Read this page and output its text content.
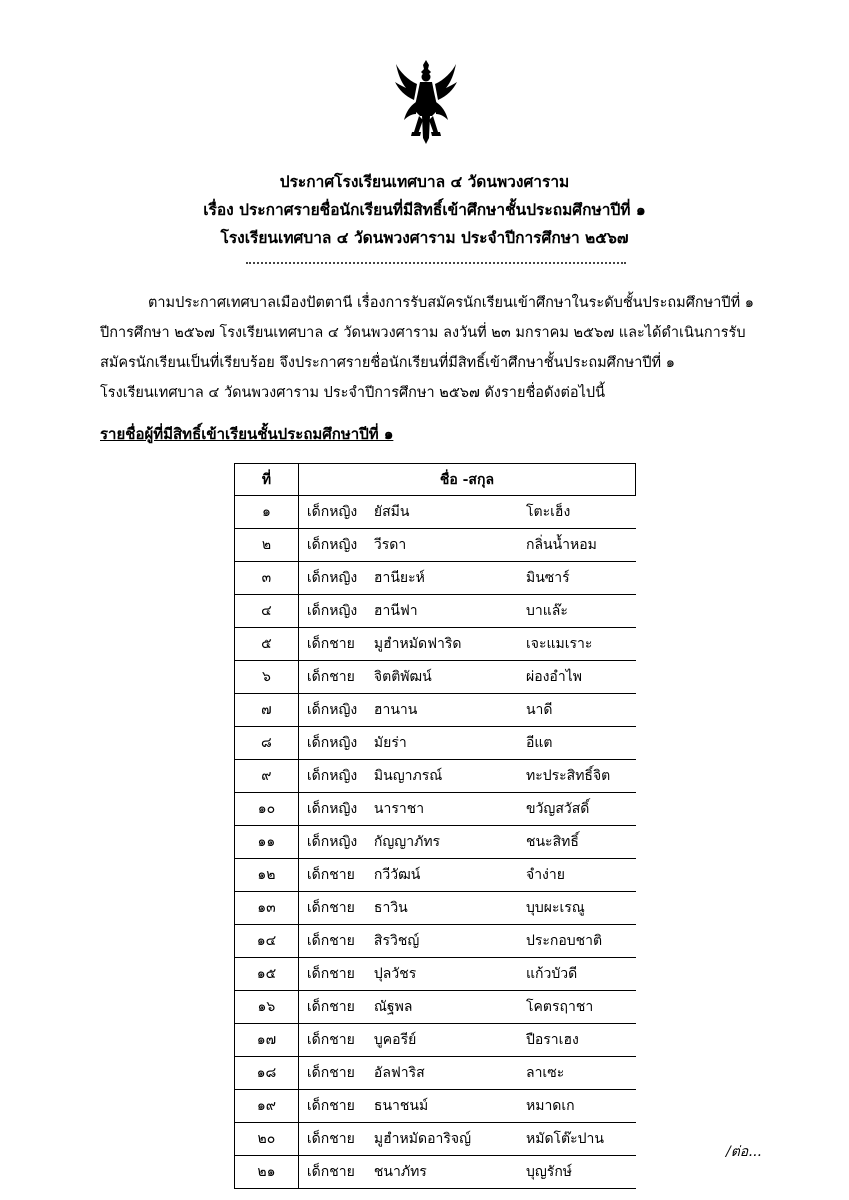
ประกาศโรงเรียนเทศบาล ๔ วัดนพวงศาราม
เรื่อง ประกาศรายชื่อนักเรียนที่มีสิทธิ์เข้าศึกษาชั้นประถมศึกษาปีที่ ๑
โรงเรียนเทศบาล ๔ วัดนพวงศาราม ประจำปีการศึกษา ๒๕๖๗
ตามประกาศเทศบาลเมืองปัตตานี เรื่องการรับสมัครนักเรียนเข้าศึกษาในระดับชั้นประถมศึกษาปีที่ ๑
ปีการศึกษา ๒๕๖๗ โรงเรียนเทศบาล ๔ วัดนพวงศาราม ลงวันที่ ๒๓ มกราคม ๒๕๖๗ และได้ดำเนินการรับ
สมัครนักเรียนเป็นที่เรียบร้อย จึงประกาศรายชื่อนักเรียนที่มีสิทธิ์เข้าศึกษาชั้นประถมศึกษาปีที่ ๑
โรงเรียนเทศบาล ๔ วัดนพวงศาราม ประจำปีการศึกษา ๒๕๖๗ ดังรายชื่อดังต่อไปนี้
รายชื่อผู้ที่มีสิทธิ์เข้าเรียนชั้นประถมศึกษาปีที่ ๑
ที่	ชื่อ -สกุล		
๑	เด็กหญิง	ยัสมีน	โตะเฮ็ง
๒	เด็กหญิง	วีรดา	กลิ่นน้ำหอม
๓	เด็กหญิง	ฮานียะห์	มินซาร์
๔	เด็กหญิง	ฮานีฟา	บาแล๊ะ
๕	เด็กชาย	มูฮำหมัดฟาริด	เจะแมเราะ
๖	เด็กชาย	จิตติพัฒน์	ผ่องอำไพ
๗	เด็กหญิง	ฮานาน	นาดี
๘	เด็กหญิง	มัยร่า	อีแต
๙	เด็กหญิง	มินญาภรณ์	ทะประสิทธิ์จิต
๑๐	เด็กหญิง	นาราชา	ขวัญสวัสดิ์
๑๑	เด็กหญิง	กัญญาภัทร	ชนะสิทธิ์
๑๒	เด็กชาย	กวีวัฒน์	จำง่าย
๑๓	เด็กชาย	ธาวิน	บุบผะเรณู
๑๔	เด็กชาย	สิรวิชญ์	ประกอบชาติ
๑๕	เด็กชาย	ปุลวัชร	แก้วบัวดี
๑๖	เด็กชาย	ณัฐพล	โคตรฤาชา
๑๗	เด็กชาย	บูคอรีย์	ปือราเฮง
๑๘	เด็กชาย	อัลฟาริส	ลาเซะ
๑๙	เด็กชาย	ธนาชนม์	หมาดเก
๒๐	เด็กชาย	มูฮำหมัดอาริจญ์	หมัดโต๊ะปาน
๒๑	เด็กชาย	ชนาภัทร	บุญรักษ์
/ต่อ...
